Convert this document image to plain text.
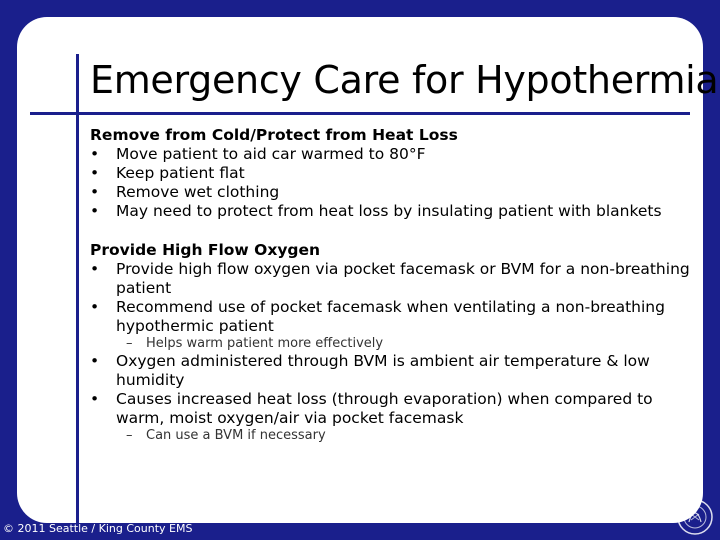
Emergency Care for Hypothermia
Remove from Cold/Protect from Heat Loss
• Move patient to aid car warmed to 80°F
• Keep patient flat
• Remove wet clothing
• May need to protect from heat loss by insulating patient with blankets
Provide High Flow Oxygen
• Provide high flow oxygen via pocket facemask or BVM for a non-breathing patient
• Recommend use of pocket facemask when ventilating a non-breathing hypothermic patient
– Helps warm patient more effectively
• Oxygen administered through BVM is ambient air temperature & low humidity
• Causes increased heat loss (through evaporation) when compared to warm, moist oxygen/air via pocket facemask
– Can use a BVM if necessary
© 2011 Seattle / King County EMS
